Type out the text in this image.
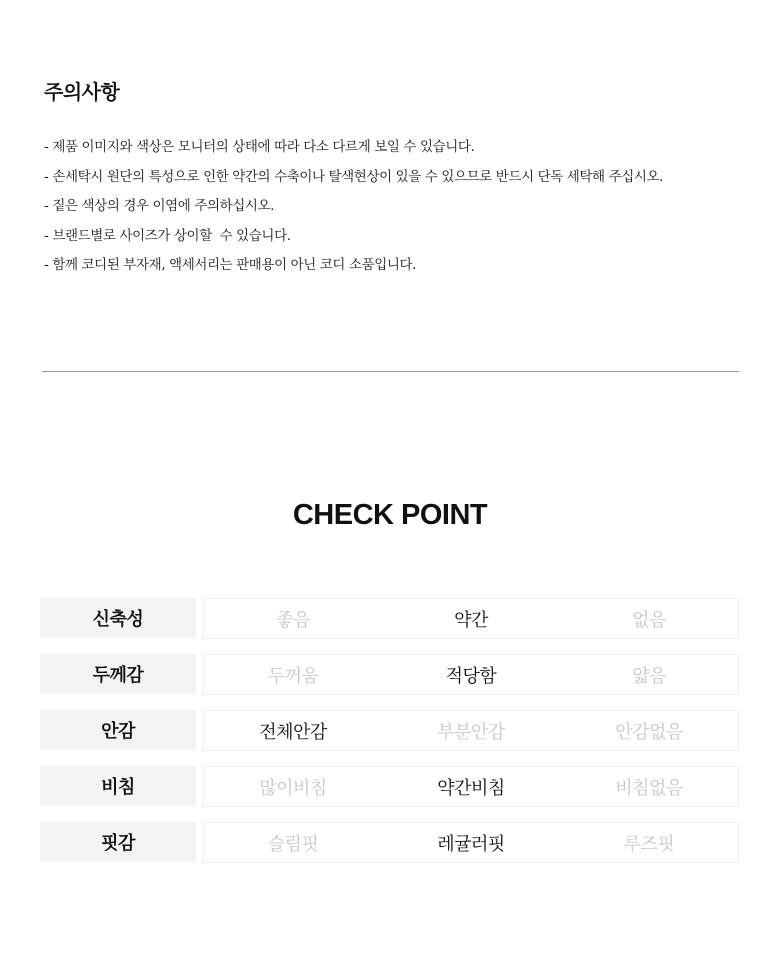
주의사항
- 제품 이미지와 색상은 모니터의 상태에 따라 다소 다르게 보일 수 있습니다.
- 손세탁시 원단의 특성으로 인한 약간의 수축이나 탈색현상이 있을 수 있으므로 반드시 단독 세탁해 주십시오.
- 짙은 색상의 경우 이염에 주의하십시오.
- 브랜드별로 사이즈가 상이할  수 있습니다.
- 함께 코디된 부자재, 액세서리는 판매용이 아닌 코디 소품입니다.
CHECK POINT
신축성	좋음	약간	없음
두께감	두꺼움	적당함	얇음
안감	전체안감	부분안감	안감없음
비침	많이비침	약간비침	비침없음
핏감	슬림핏	레귤러핏	루즈핏
